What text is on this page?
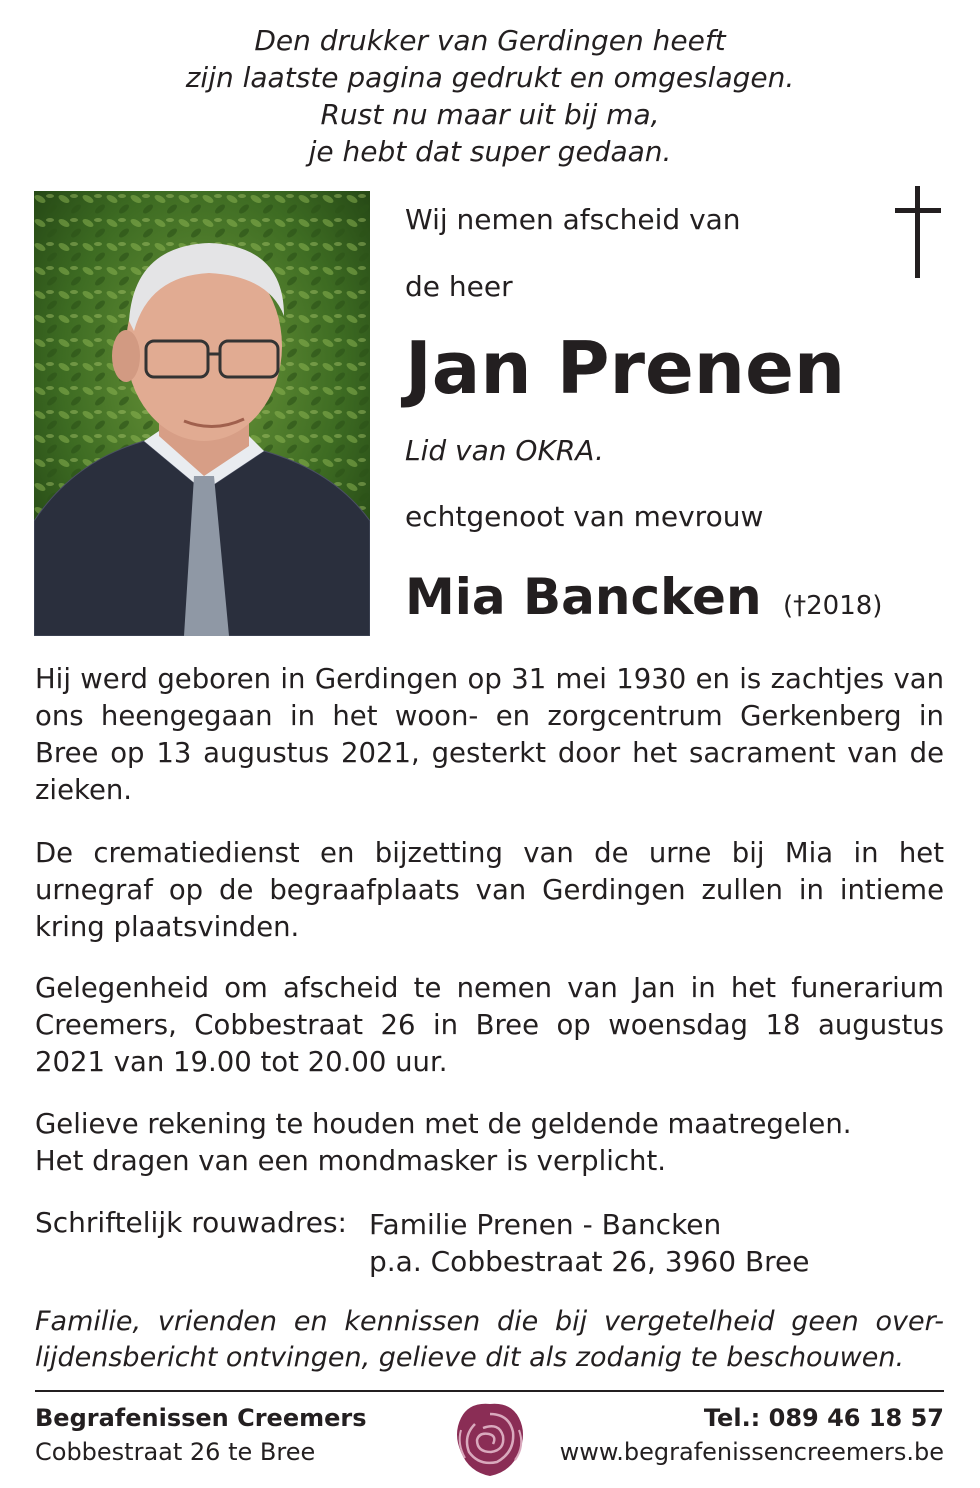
Den drukker van Gerdingen heeft
zijn laatste pagina gedrukt en omgeslagen.
Rust nu maar uit bij ma,
je hebt dat super gedaan.
Wij nemen afscheid van
de heer
Jan Prenen
Lid van OKRA.
echtgenoot van mevrouw
Mia Bancken (†2018)
Hij werd geboren in Gerdingen op 31 mei 1930 en is zachtjes van ons heengegaan in het woon- en zorgcentrum Gerkenberg in Bree op 13 augustus 2021, gesterkt door het sacrament van de zieken.
De crematiedienst en bijzetting van de urne bij Mia in het urnegraf op de begraafplaats van Gerdingen zullen in intieme kring plaatsvinden.
Gelegenheid om afscheid te nemen van Jan in het funerarium Creemers, Cobbestraat 26 in Bree op woensdag 18 augustus 2021 van 19.00 tot 20.00 uur.
Gelieve rekening te houden met de geldende maatregelen.
Het dragen van een mondmasker is verplicht.
Schriftelijk rouwadres: Familie Prenen - Bancken
p.a. Cobbestraat 26, 3960 Bree
Familie, vrienden en kennissen die bij vergetelheid geen over-
lijdensbericht ontvingen, gelieve dit als zodanig te beschouwen.
Begrafenissen Creemers
Cobbestraat 26 te Bree
Tel.: 089 46 18 57
www.begrafenissencreemers.be
